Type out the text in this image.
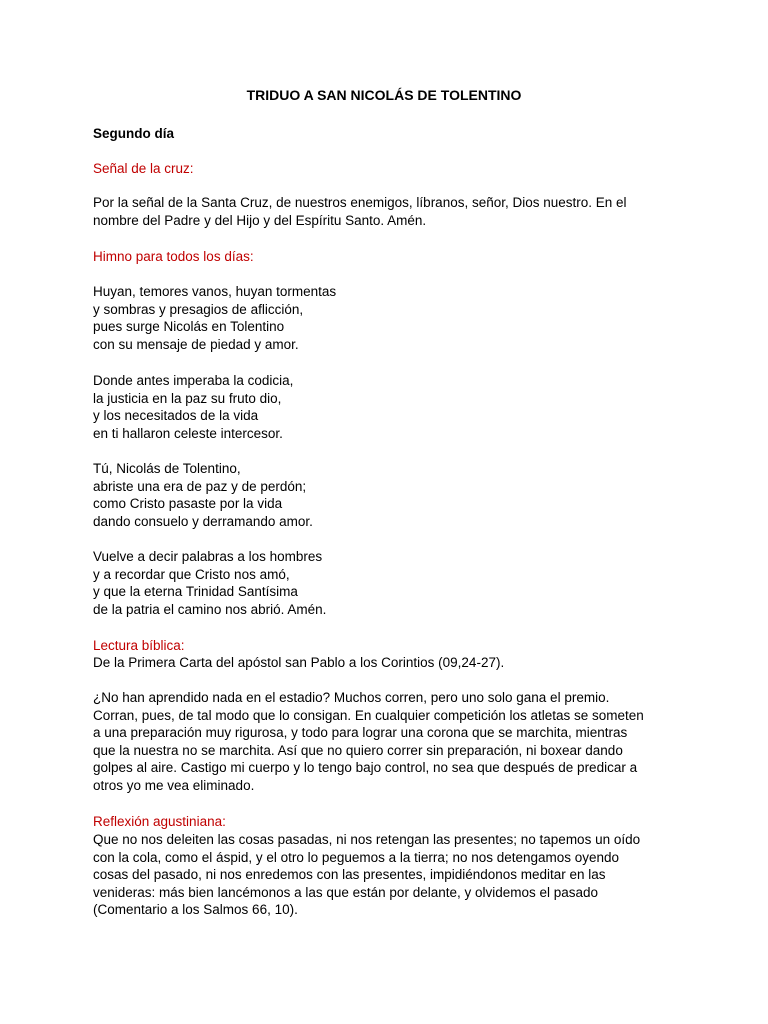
TRIDUO A SAN NICOLÁS DE TOLENTINO

Segundo día

Señal de la cruz:

Por la señal de la Santa Cruz, de nuestros enemigos, líbranos, señor, Dios nuestro. En el
nombre del Padre y del Hijo y del Espíritu Santo. Amén.

Himno para todos los días:

Huyan, temores vanos, huyan tormentas
y sombras y presagios de aflicción,
pues surge Nicolás en Tolentino
con su mensaje de piedad y amor.
Donde antes imperaba la codicia,
la justicia en la paz su fruto dio,
y los necesitados de la vida
en ti hallaron celeste intercesor.
Tú, Nicolás de Tolentino,
abriste una era de paz y de perdón;
como Cristo pasaste por la vida
dando consuelo y derramando amor.
Vuelve a decir palabras a los hombres
y a recordar que Cristo nos amó,
y que la eterna Trinidad Santísima
de la patria el camino nos abrió. Amén.

Lectura bíblica:

De la Primera Carta del apóstol san Pablo a los Corintios (09,24-27).

¿No han aprendido nada en el estadio? Muchos corren, pero uno solo gana el premio.
Corran, pues, de tal modo que lo consigan. En cualquier competición los atletas se someten
a una preparación muy rigurosa, y todo para lograr una corona que se marchita, mientras
que la nuestra no se marchita. Así que no quiero correr sin preparación, ni boxear dando
golpes al aire. Castigo mi cuerpo y lo tengo bajo control, no sea que después de predicar a
otros yo me vea eliminado.

Reflexión agustiniana:

Que no nos deleiten las cosas pasadas, ni nos retengan las presentes; no tapemos un oído
con la cola, como el áspid, y el otro lo peguemos a la tierra; no nos detengamos oyendo
cosas del pasado, ni nos enredemos con las presentes, impidiéndonos meditar en las
venideras: más bien lancémonos a las que están por delante, y olvidemos el pasado
(Comentario a los Salmos 66, 10).
